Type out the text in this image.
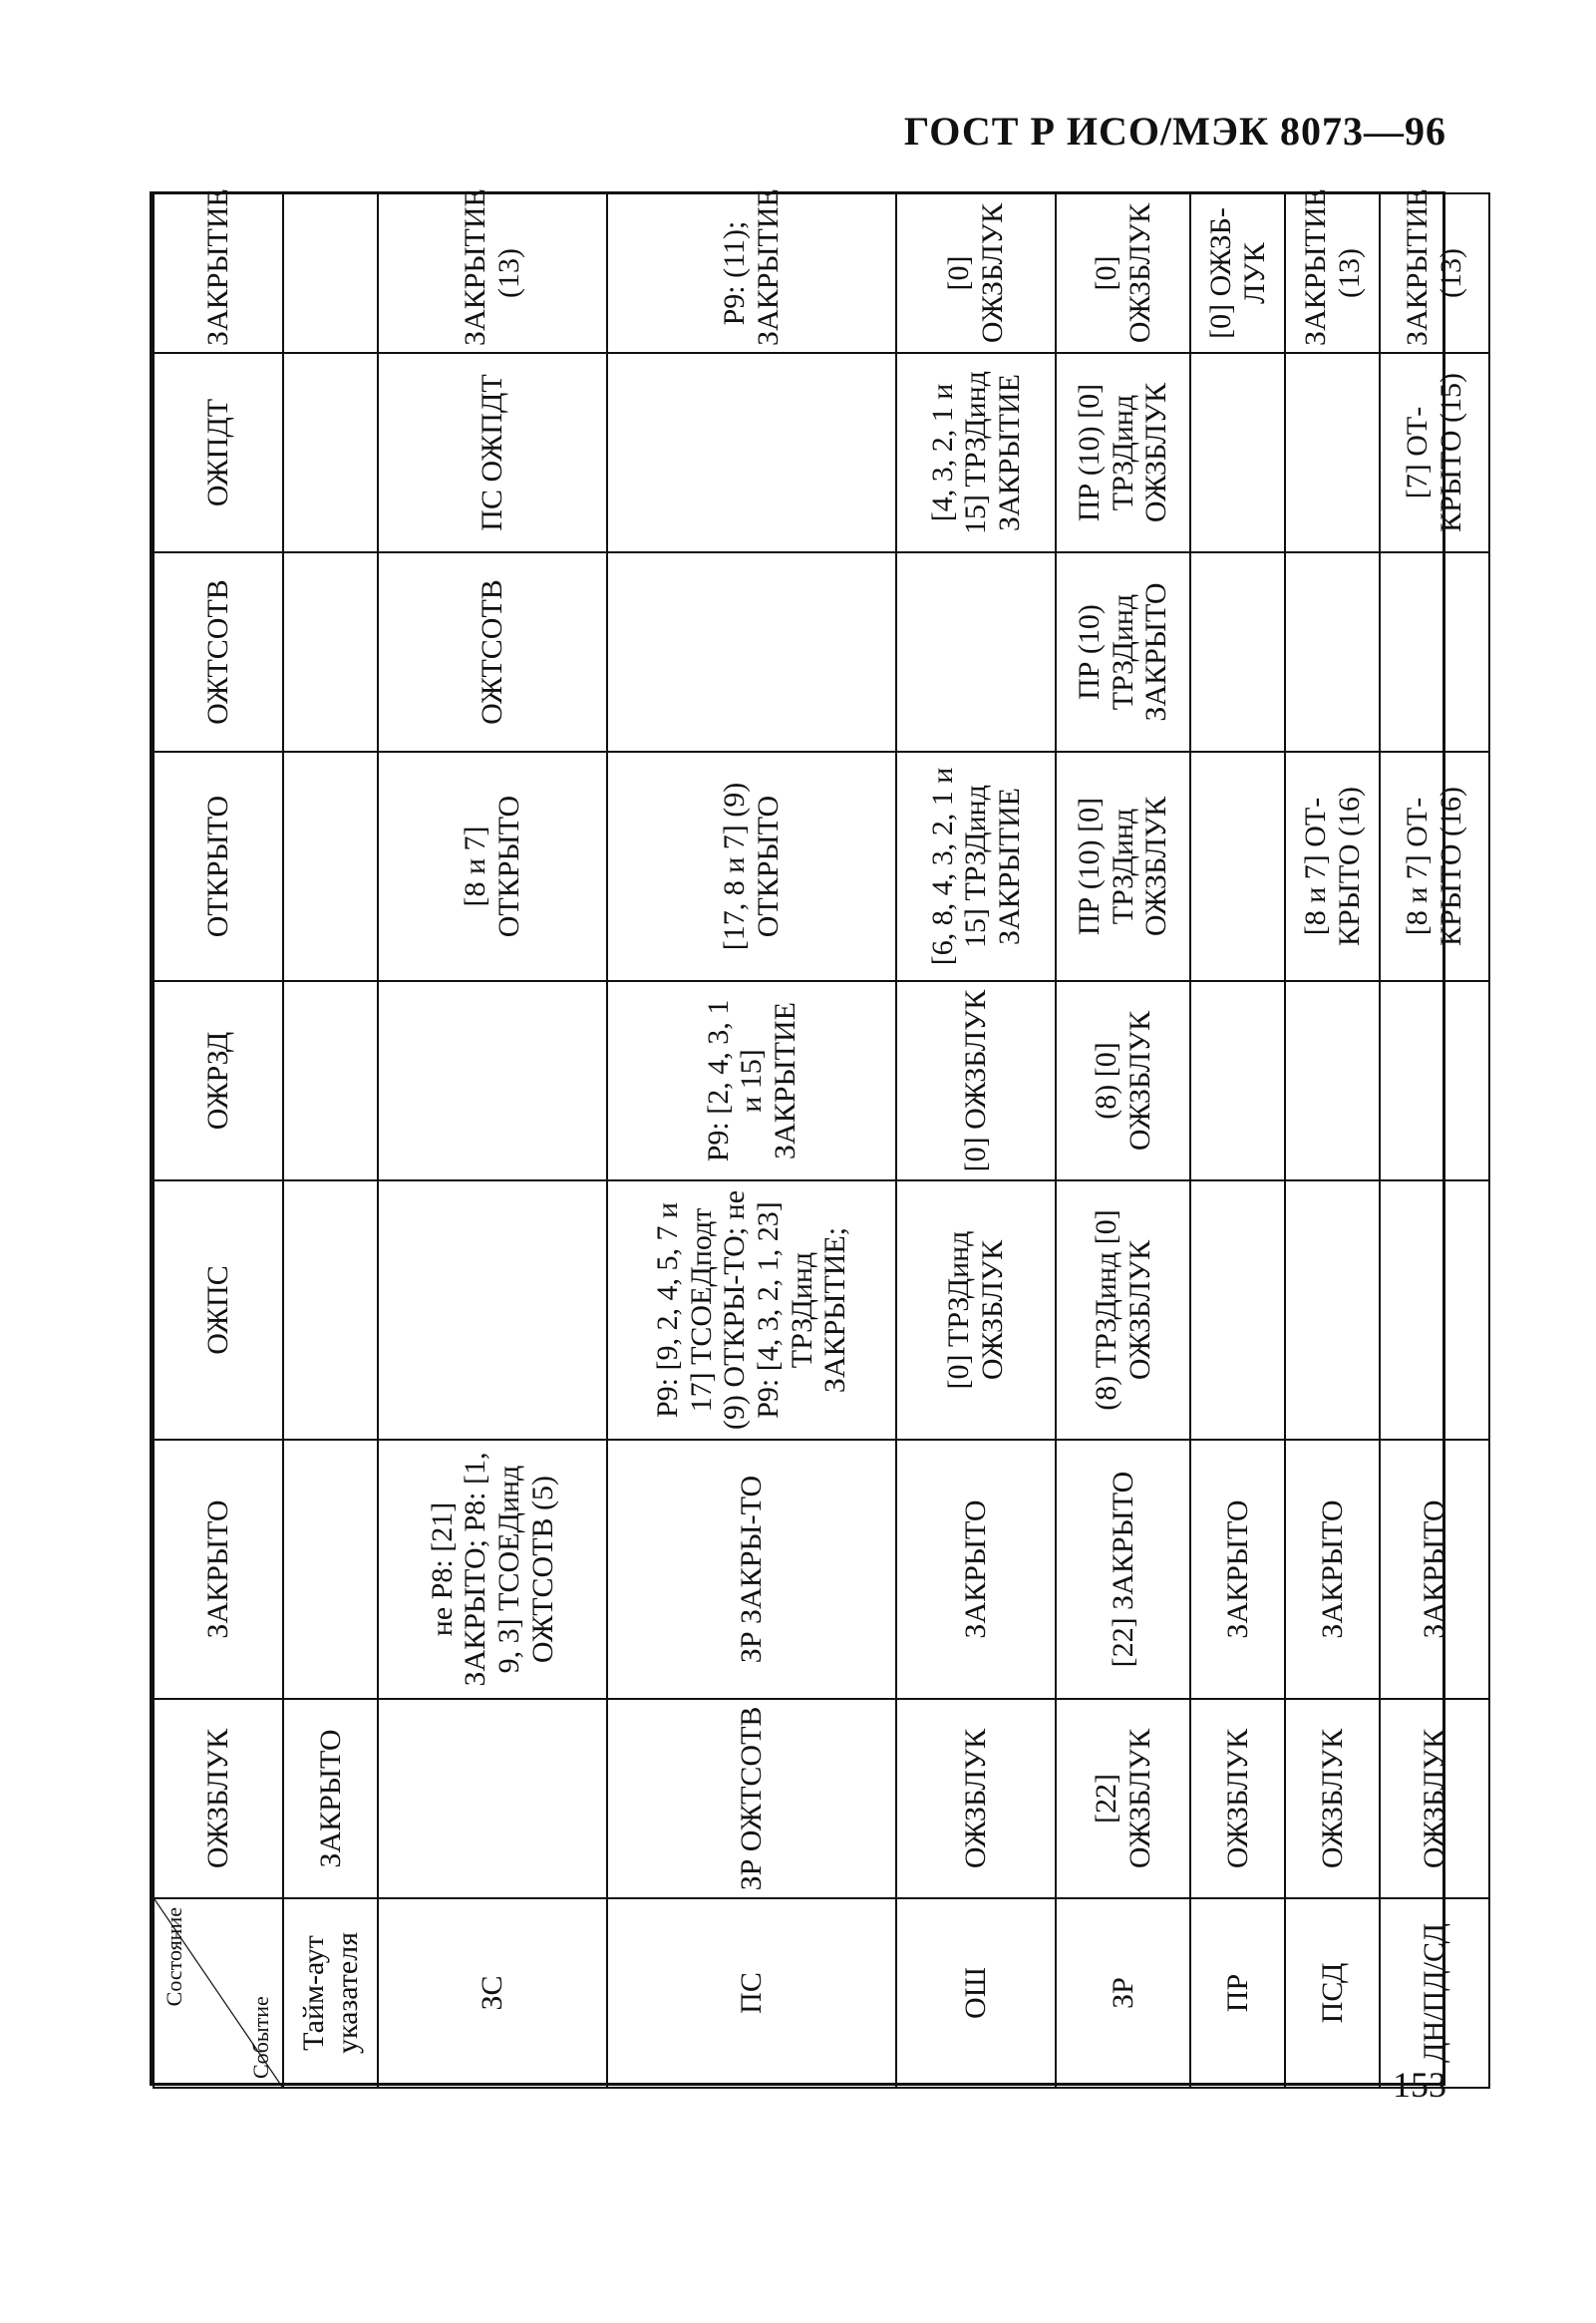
ГОСТ Р ИСО/МЭК 8073—96
Состояние
Событие	ОЖЗБЛУК	ЗАКРЫТО	ОЖПС	ОЖРЗД	ОТКРЫТО	ОЖТСОТВ	ОЖПДТ	ЗАКРЫТИЕ
Тайм-аут указателя	ЗАКРЫТО							
ЗС		не Р8: [21] ЗАКРЫТО; Р8: [1, 9, 3] ТСОЕДинд ОЖТСОТВ (5)			[8 и 7] ОТКРЫТО	ОЖТСОТВ	ПС ОЖПДТ	ЗАКРЫТИЕ (13)
ПС	ЗР ОЖТСОТВ	ЗР ЗАКРЫ-ТО	Р9: [9, 2, 4, 5, 7 и 17] ТСОЕДподт (9) ОТКРЫ-ТО; не Р9: [4, 3, 2, 1, 23] ТРЗДинд ЗАКРЫТИЕ;	Р9: [2, 4, 3, 1 и 15] ЗАКРЫТИЕ	[17, 8 и 7] (9) ОТКРЫТО			Р9: (11); ЗАКРЫТИЕ
ОШ	ОЖЗБЛУК	ЗАКРЫТО	[0] ТРЗДинд ОЖЗБЛУК	[0] ОЖЗБЛУК	[6, 8, 4, 3, 2, 1 и 15] ТРЗДинд ЗАКРЫТИЕ		[4, 3, 2, 1 и 15] ТРЗДинд ЗАКРЫТИЕ	[0] ОЖЗБЛУК
ЗР	[22] ОЖЗБЛУК	[22] ЗАКРЫТО	(8) ТРЗДинд [0] ОЖЗБЛУК	(8) [0] ОЖЗБЛУК	ПР (10) [0] ТРЗДинд ОЖЗБЛУК	ПР (10) ТРЗДинд ЗАКРЫТО	ПР (10) [0] ТРЗДинд ОЖЗБЛУК	[0] ОЖЗБЛУК
ПР	ОЖЗБЛУК	ЗАКРЫТО						[0] ОЖЗБ-ЛУК
ПСД	ОЖЗБЛУК	ЗАКРЫТО			[8 и 7] ОТ-КРЫТО (16)			ЗАКРЫТИЕ (13)
ДН/ПД/СД	ОЖЗБЛУК	ЗАКРЫТО			[8 и 7] ОТ-КРЫТО (16)		[7] ОТ-КРЫТО (15)	ЗАКРЫТИЕ (13)
153
